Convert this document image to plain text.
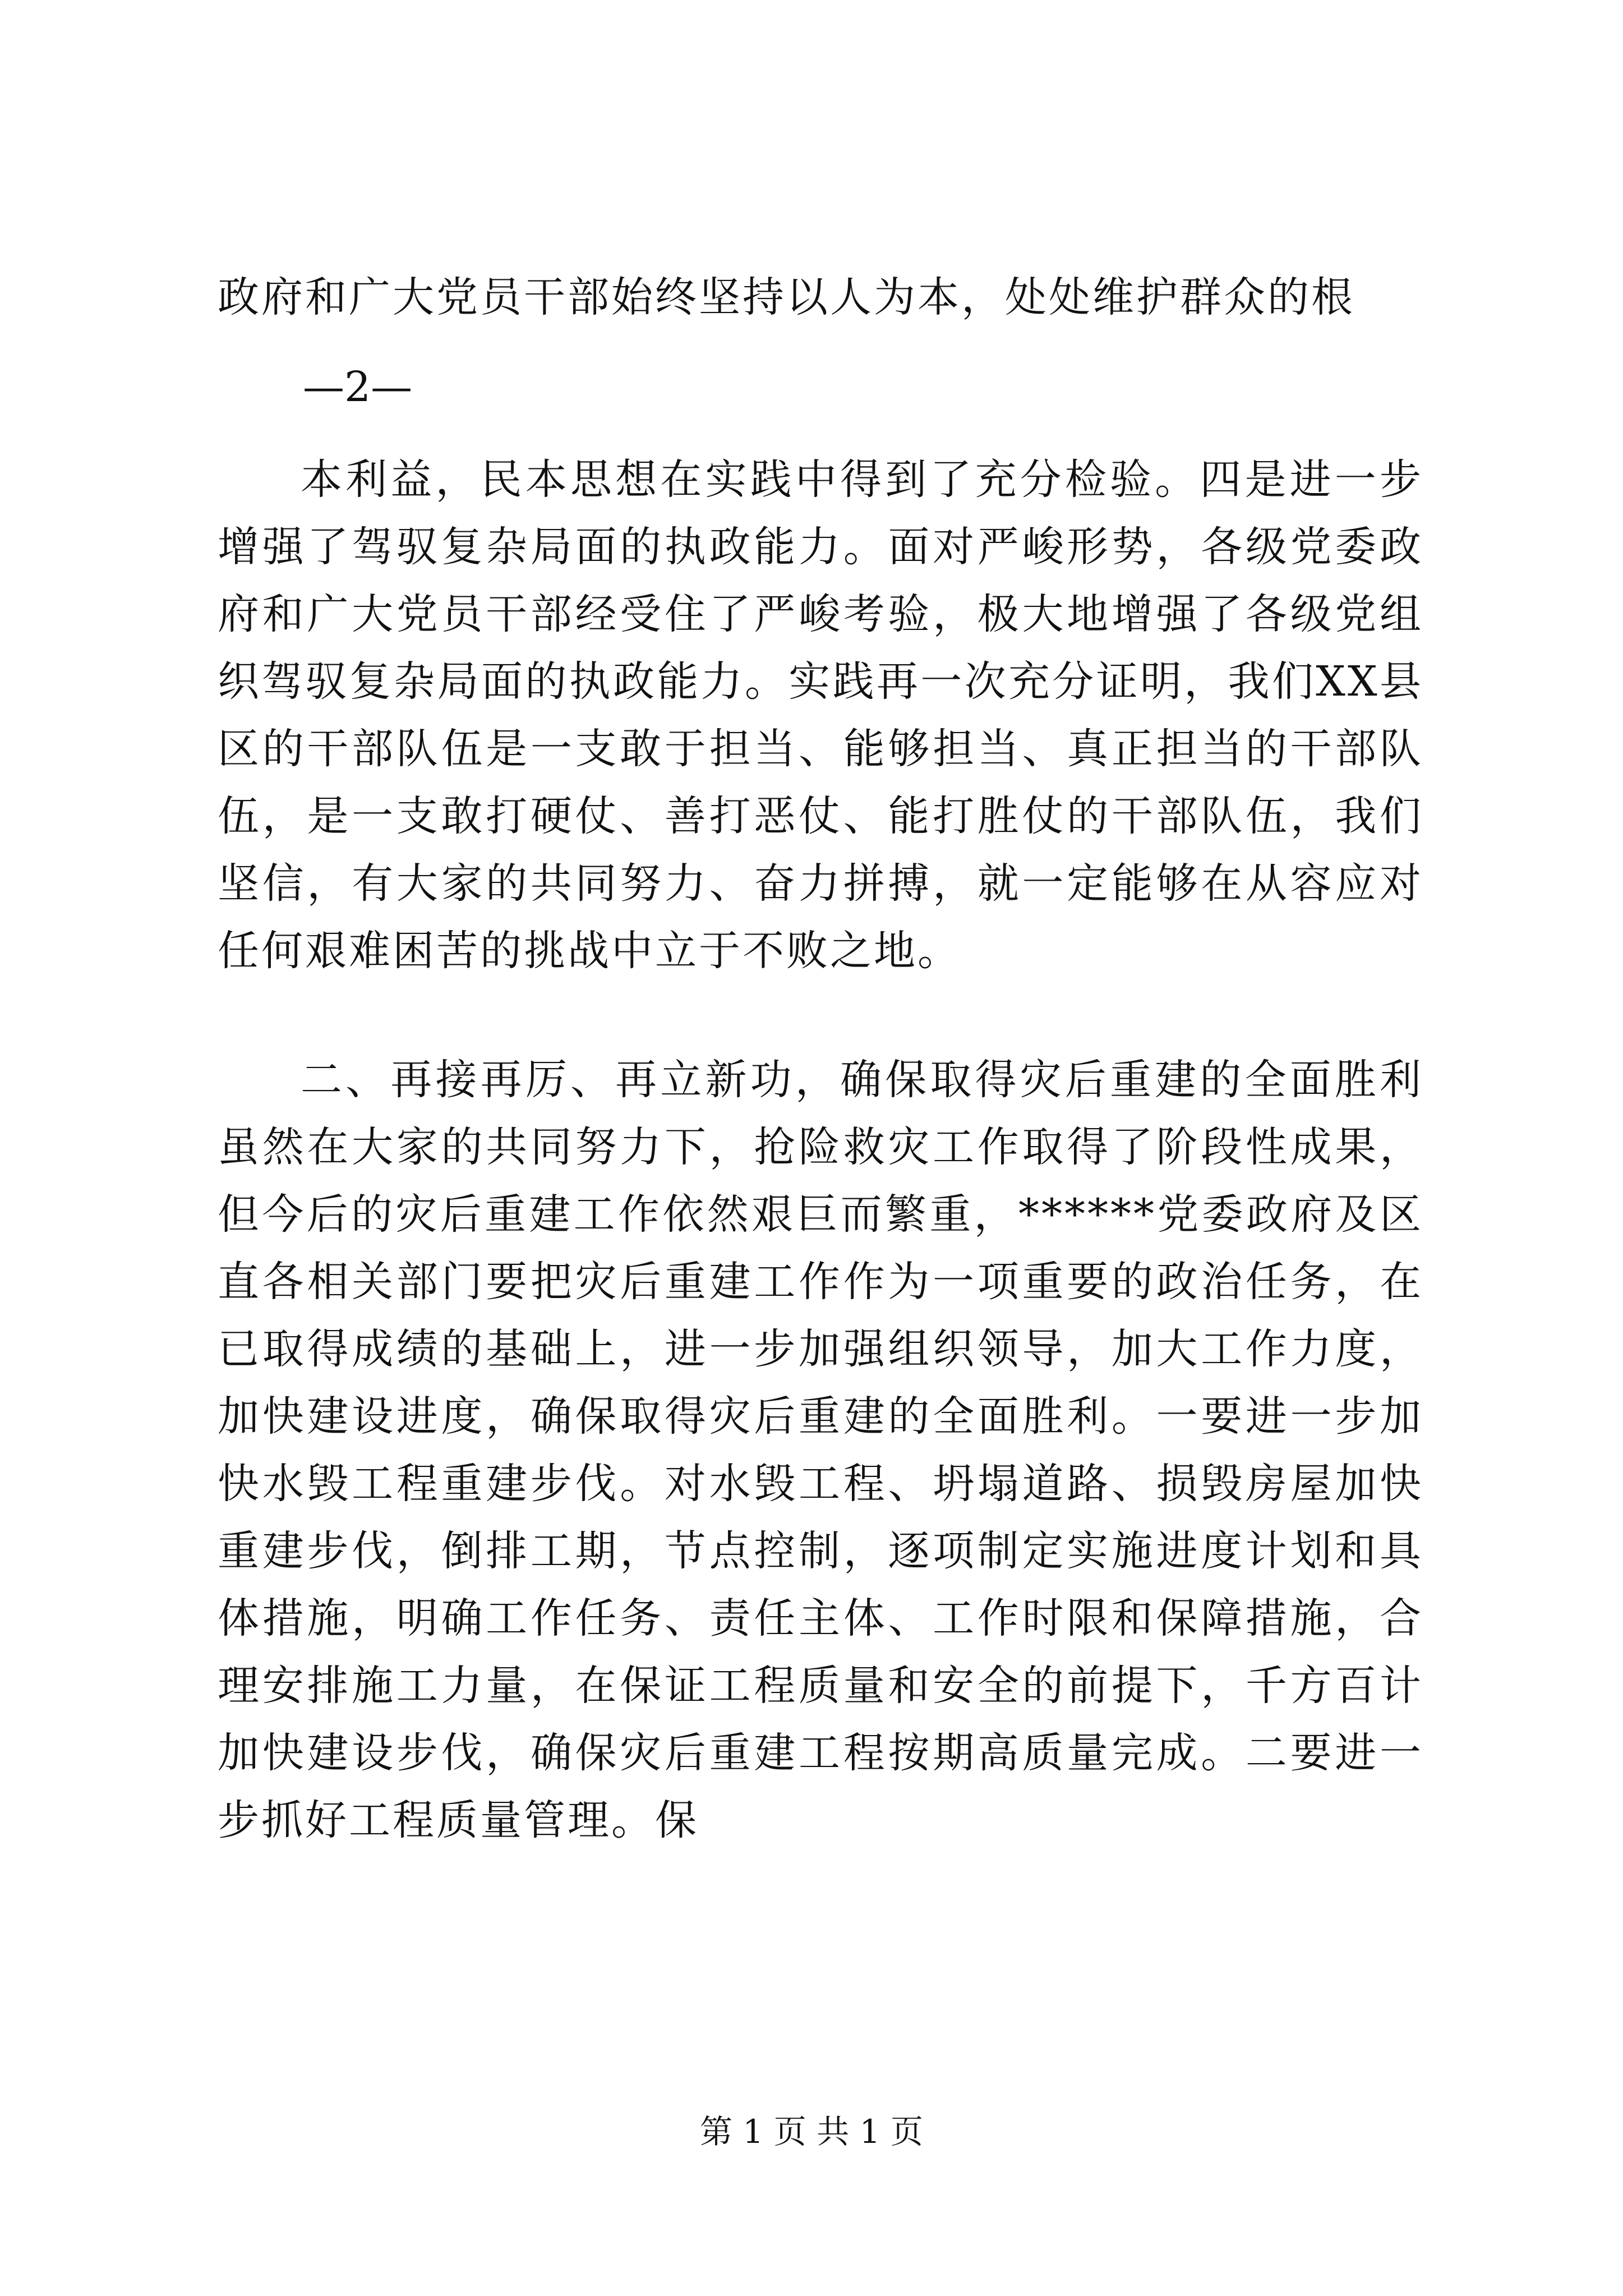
政府和广大党员干部始终坚持以人为本，处处维护群众的根
—2—

本利益，民本思想在实践中得到了充分检验。四是进一步增强了驾驭复杂局面的执政能力。面对严峻形势，各级党委政府和广大党员干部经受住了严峻考验，极大地增强了各级党组织驾驭复杂局面的执政能力。实践再一次充分证明，我们XX县区的干部队伍是一支敢于担当、能够担当、真正担当的干部队伍，是一支敢打硬仗、善打恶仗、能打胜仗的干部队伍，我们坚信，有大家的共同努力、奋力拼搏，就一定能够在从容应对任何艰难困苦的挑战中立于不败之地。

二、再接再厉、再立新功，确保取得灾后重建的全面胜利虽然在大家的共同努力下，抢险救灾工作取得了阶段性成果，但今后的灾后重建工作依然艰巨而繁重，******党委政府及区直各相关部门要把灾后重建工作作为一项重要的政治任务，在已取得成绩的基础上，进一步加强组织领导，加大工作力度，加快建设进度，确保取得灾后重建的全面胜利。一要进一步加快水毁工程重建步伐。对水毁工程、坍塌道路、损毁房屋加快重建步伐，倒排工期，节点控制，逐项制定实施进度计划和具体措施，明确工作任务、责任主体、工作时限和保障措施，合理安排施工力量，在保证工程质量和安全的前提下，千方百计加快建设步伐，确保灾后重建工程按期高质量完成。二要进一步抓好工程质量管理。保

第 1 页 共 1 页
